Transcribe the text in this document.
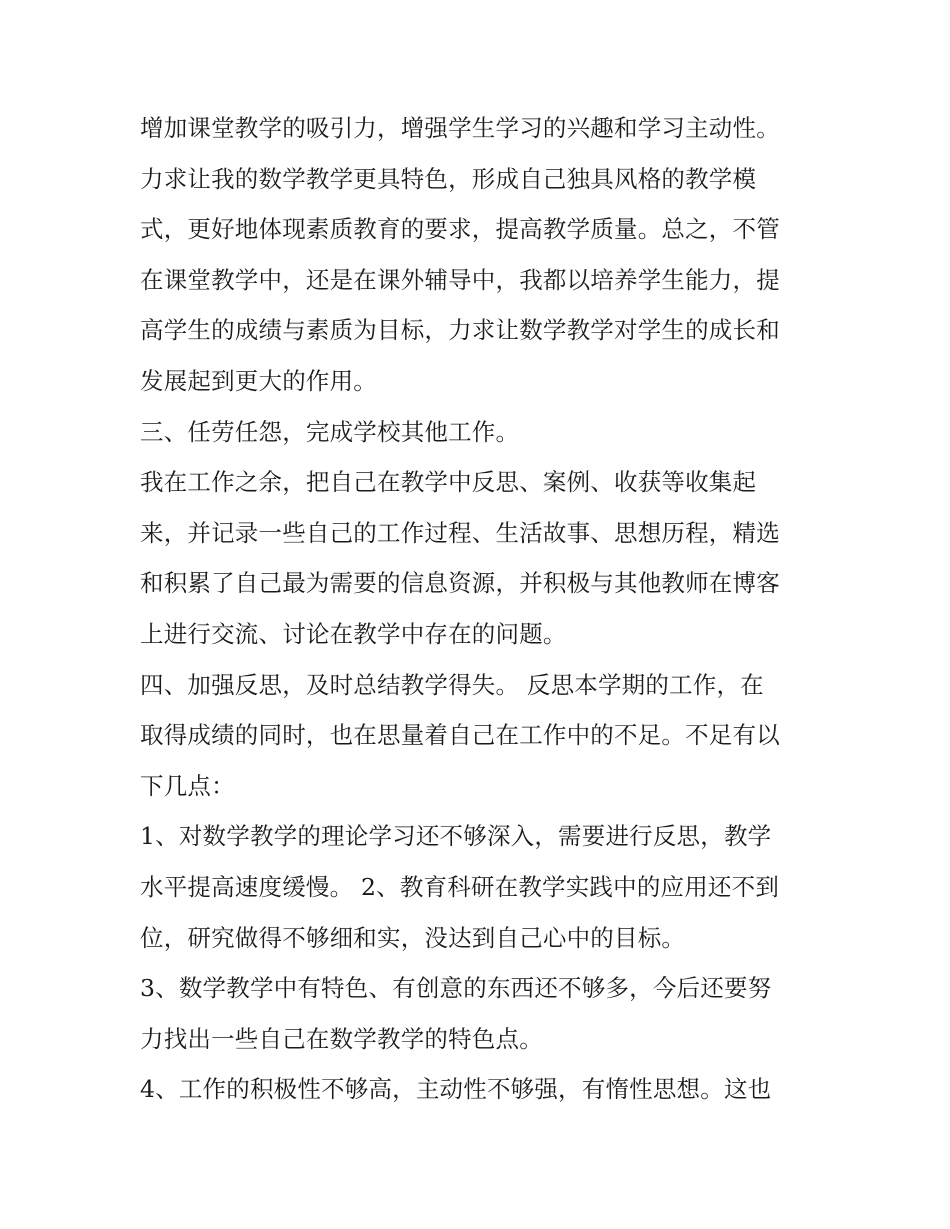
增加课堂教学的吸引力，增强学生学习的兴趣和学习主动性。
力求让我的数学教学更具特色，形成自己独具风格的教学模
式，更好地体现素质教育的要求，提高教学质量。总之，不管
在课堂教学中，还是在课外辅导中，我都以培养学生能力，提
高学生的成绩与素质为目标，力求让数学教学对学生的成长和
发展起到更大的作用。
三、任劳任怨，完成学校其他工作。
我在工作之余，把自己在教学中反思、案例、收获等收集起
来，并记录一些自己的工作过程、生活故事、思想历程，精选
和积累了自己最为需要的信息资源，并积极与其他教师在博客
上进行交流、讨论在教学中存在的问题。
四、加强反思，及时总结教学得失。 反思本学期的工作，在
取得成绩的同时，也在思量着自己在工作中的不足。不足有以
下几点：
1、对数学教学的理论学习还不够深入，需要进行反思，教学
水平提高速度缓慢。 2、教育科研在教学实践中的应用还不到
位，研究做得不够细和实，没达到自己心中的目标。
3、数学教学中有特色、有创意的东西还不够多，今后还要努
力找出一些自己在数学教学的特色点。
4、工作的积极性不够高，主动性不够强，有惰性思想。这也
